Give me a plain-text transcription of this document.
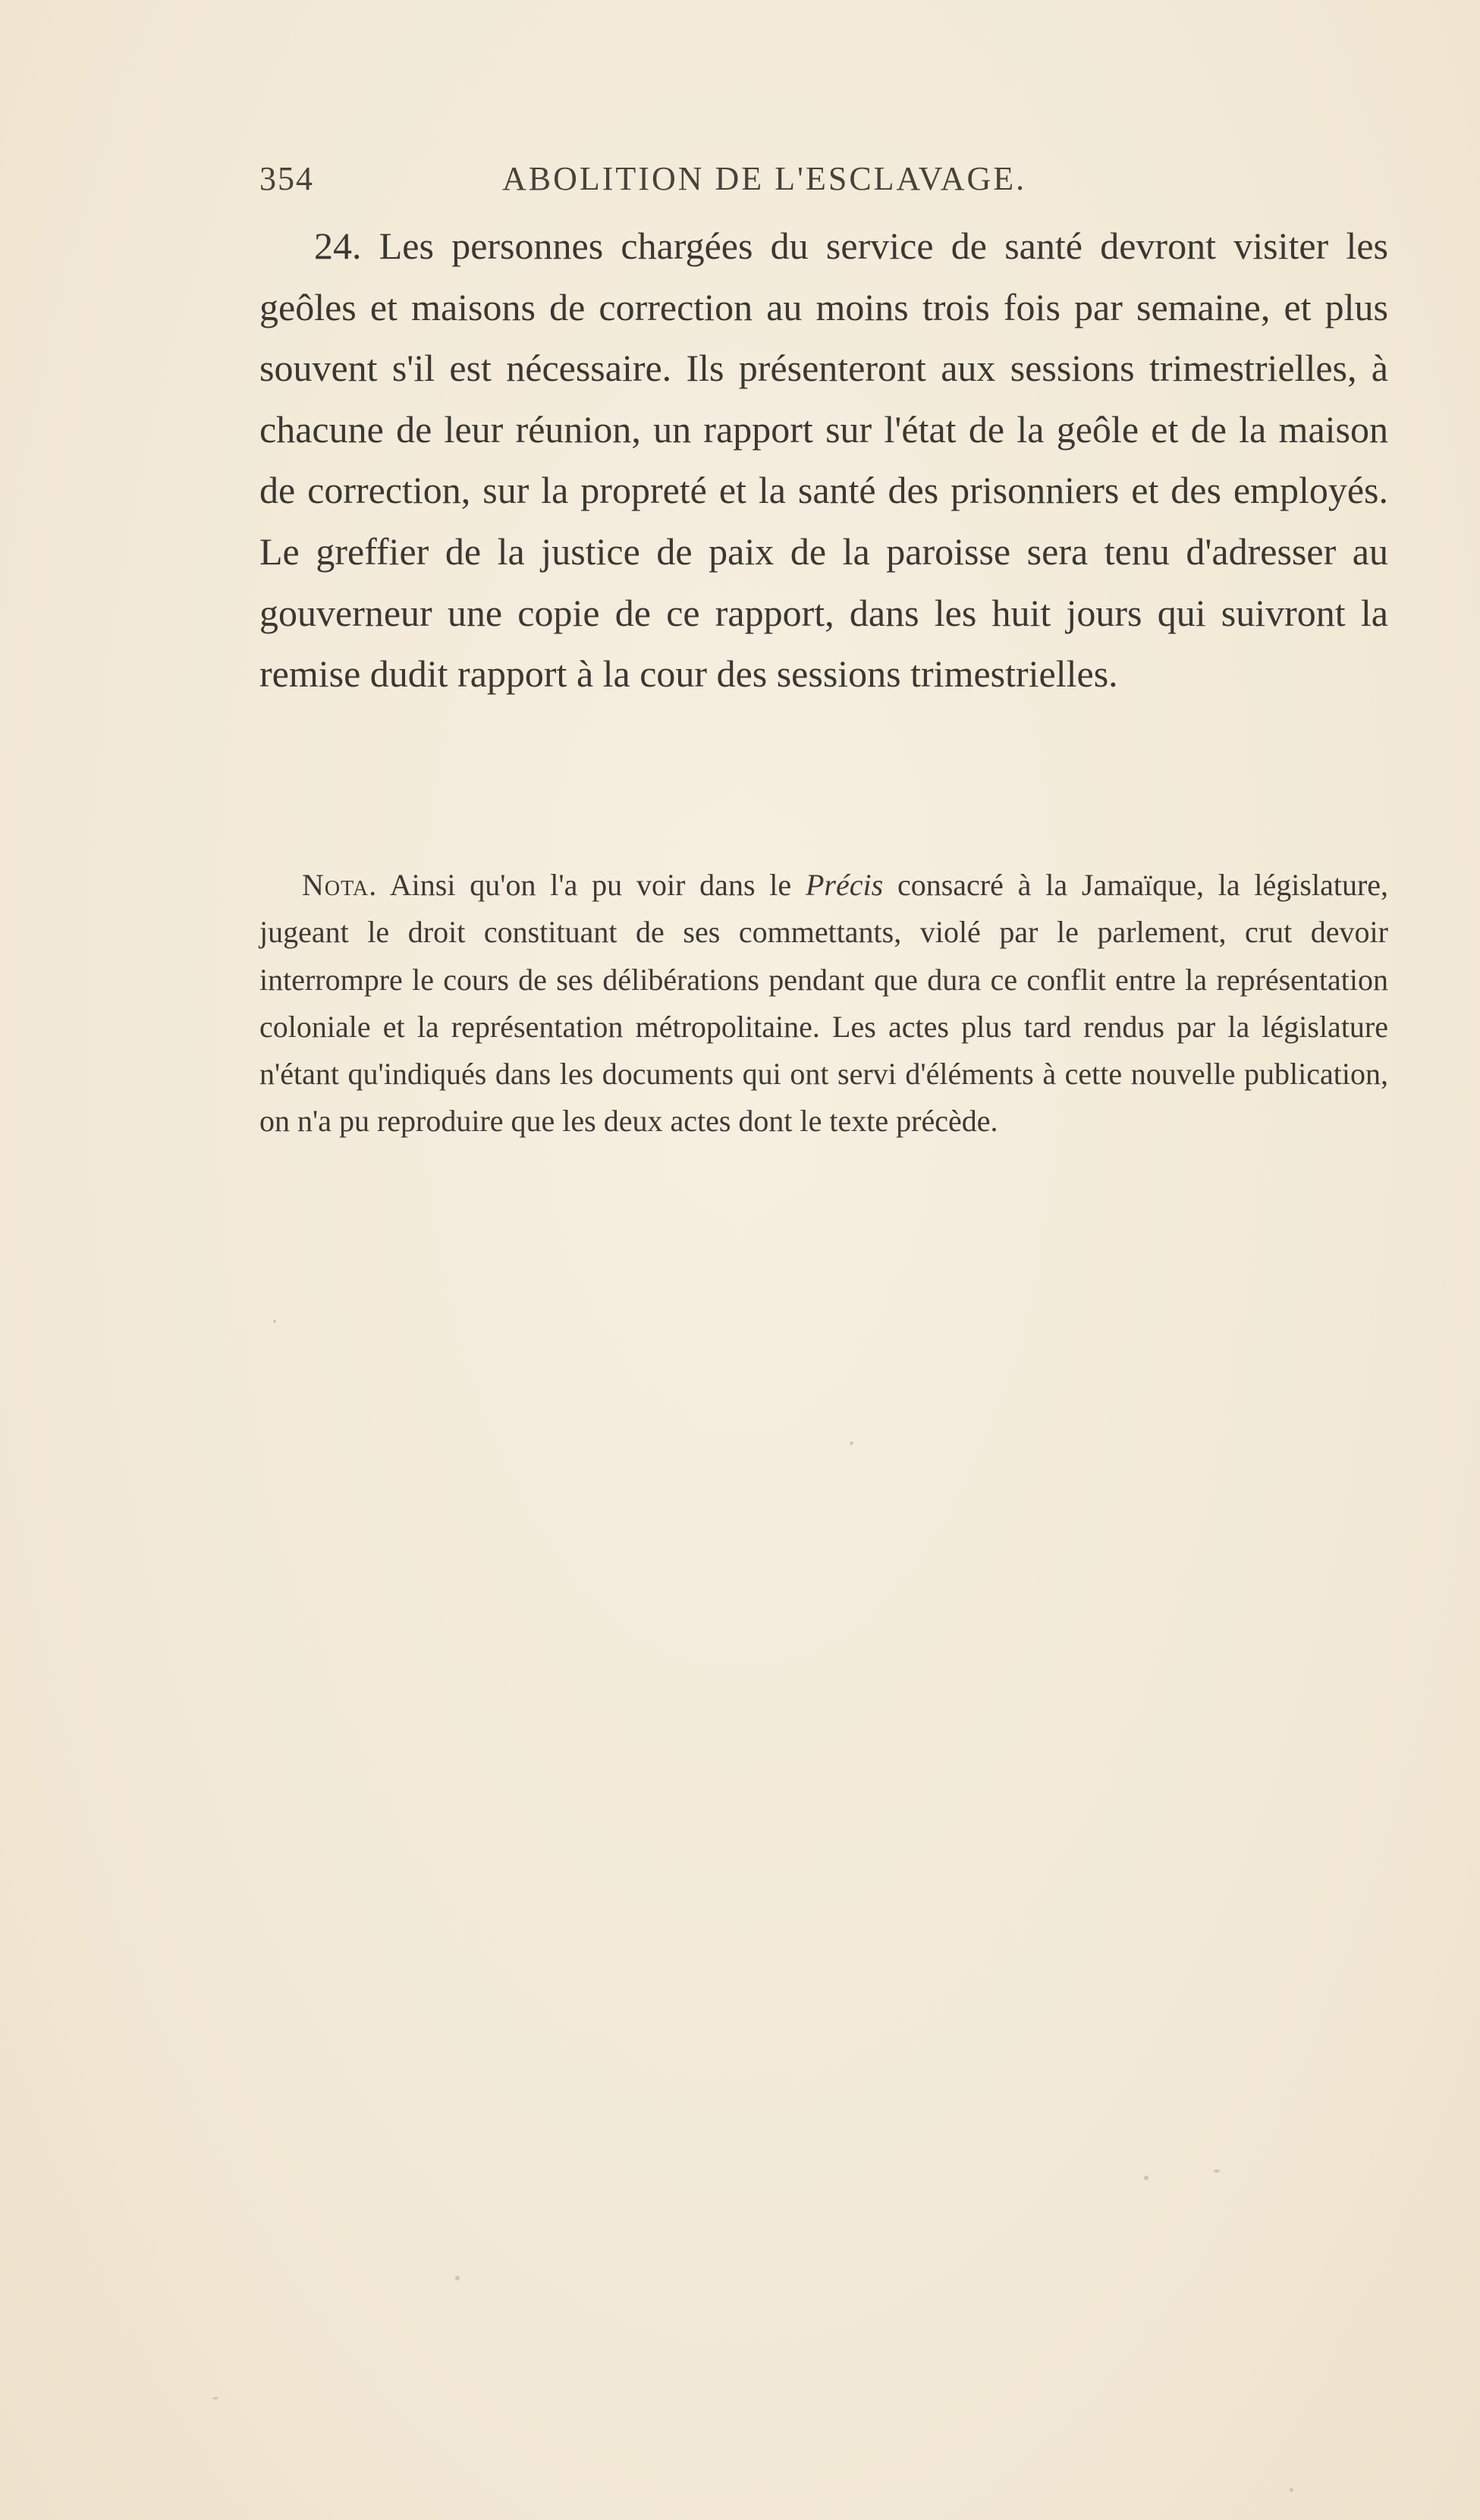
354	ABOLITION DE L'ESCLAVAGE.

24. Les personnes chargées du service de santé devront visiter les geôles et maisons de correction au moins trois fois par semaine, et plus souvent s'il est nécessaire. Ils présenteront aux sessions trimestrielles, à chacune de leur réunion, un rapport sur l'état de la geôle et de la maison de correction, sur la propreté et la santé des prisonniers et des employés. Le greffier de la justice de paix de la paroisse sera tenu d'adresser au gouverneur une copie de ce rapport, dans les huit jours qui suivront la remise dudit rapport à la cour des sessions trimestrielles.

Nota. Ainsi qu'on l'a pu voir dans le Précis consacré à la Jamaïque, la législature, jugeant le droit constituant de ses commettants, violé par le parlement, crut devoir interrompre le cours de ses délibérations pendant que dura ce conflit entre la représentation coloniale et la représentation métropolitaine. Les actes plus tard rendus par la législature n'étant qu'indiqués dans les documents qui ont servi d'éléments à cette nouvelle publication, on n'a pu reproduire que les deux actes dont le texte précède.
